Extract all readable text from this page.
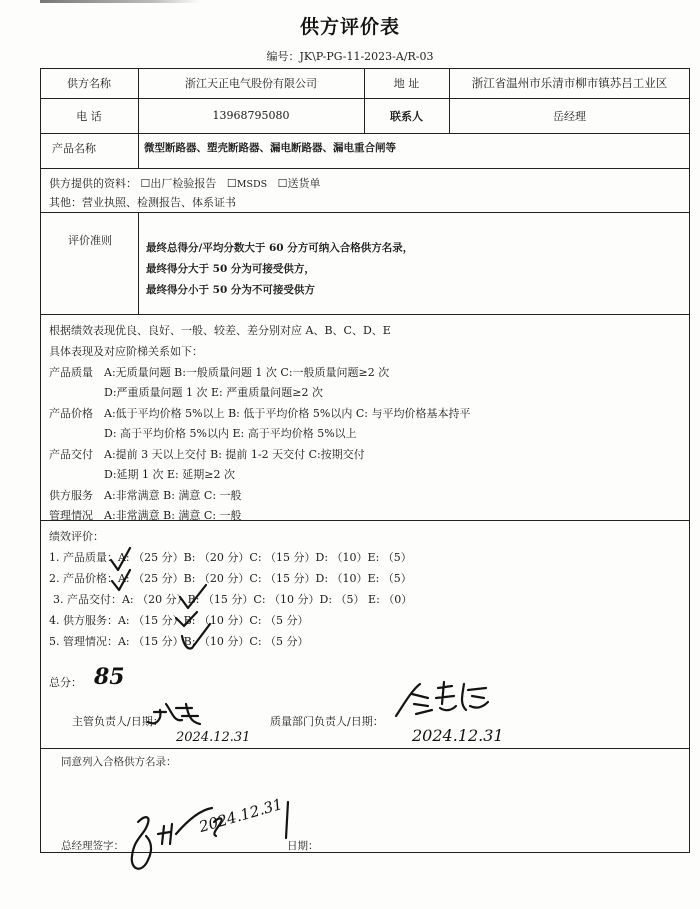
供方评价表
编号：JK\P-PG-11-2023-A/R-03
供方名称	浙江天正电气股份有限公司	地 址	浙江省温州市乐清市柳市镇苏吕工业区
电 话	13968795080	联系人	岳经理
产品名称	微型断路器、塑壳断路器、漏电断路器、漏电重合闸等
供方提供的资料： ☐出厂检验报告 ☐MSDS ☐送货单
其他：营业执照、检测报告、体系证书
评价准则
最终总得分/平均分数大于 60 分方可纳入合格供方名录，
最终得分大于 50 分为可接受供方，
最终得分小于 50 分为不可接受供方
根据绩效表现优良、良好、一般、较差、差分别对应 A、B、C、D、E
具体表现及对应阶梯关系如下：
产品质量 A:无质量问题 B:一般质量问题 1 次 C:一般质量问题≥2 次
D:严重质量问题 1 次 E: 严重质量问题≥2 次
产品价格 A:低于平均价格 5%以上 B: 低于平均价格 5%以内 C: 与平均价格基本持平
D: 高于平均价格 5%以内 E: 高于平均价格 5%以上
产品交付 A:提前 3 天以上交付 B: 提前 1-2 天交付 C:按期交付
D:延期 1 次 E: 延期≥2 次
供方服务 A:非常满意 B: 满意 C: 一般
管理情况 A:非常满意 B: 满意 C: 一般
绩效评价：
1. 产品质量：A: （25 分）B: （20 分）C: （15 分）D: （10）E: （5）
2. 产品价格：A: （25 分）B: （20 分）C: （15 分）D: （10）E: （5）
3. 产品交付：A: （20 分）B: （15 分）C: （10 分）D: （5） E: （0）
4. 供方服务：A: （15 分）B: （10 分）C: （5 分）
5. 管理情况：A: （15 分）B: （10 分）C: （5 分）
总分： 85
主管负责人/日期：
2024.12.31
质量部门负责人/日期：
2024.12.31
同意列入合格供方名录：
总经理签字：
2024.12.31
日期：
